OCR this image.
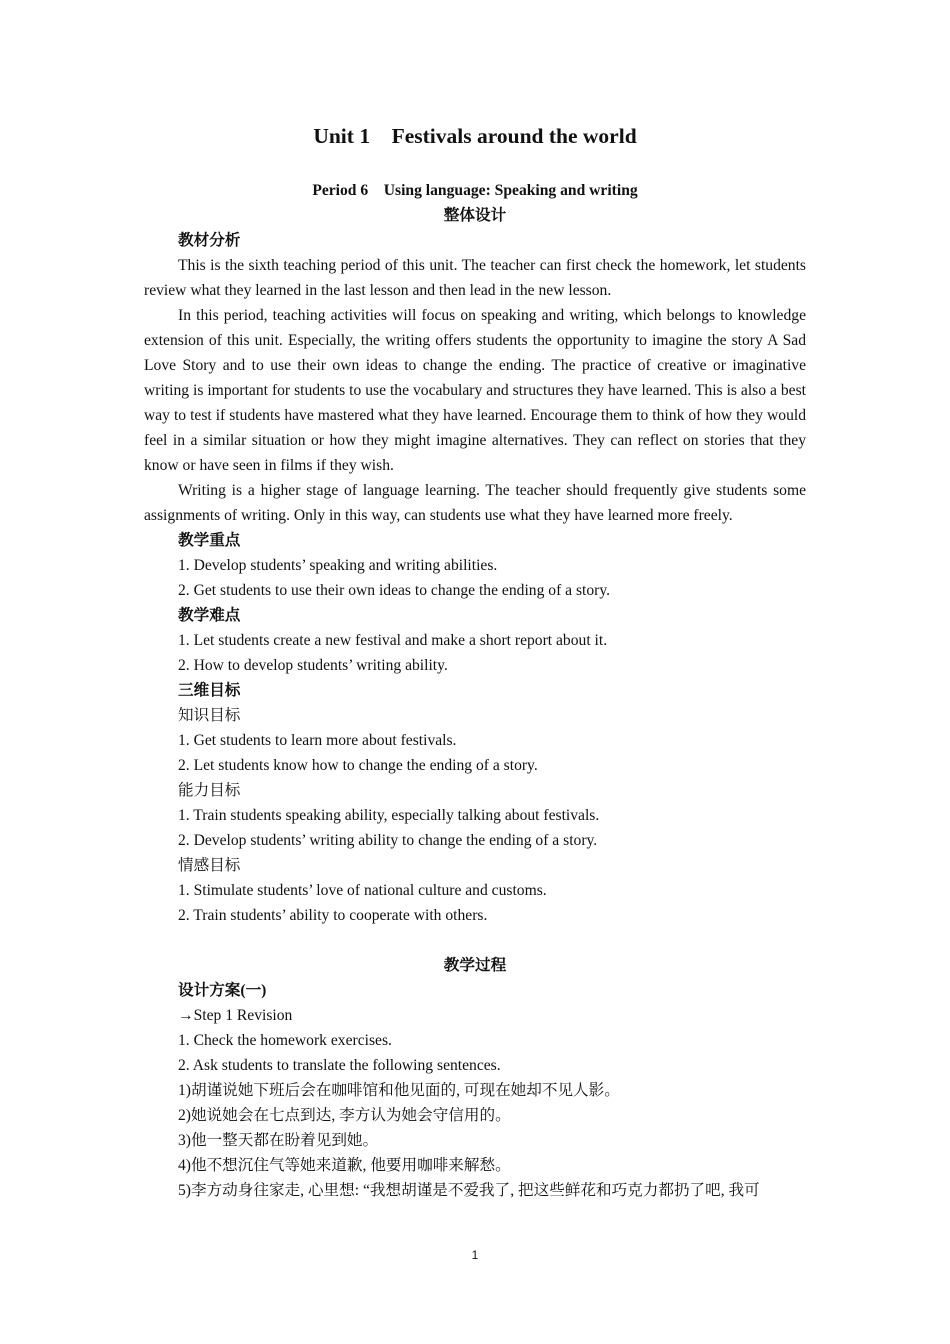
Unit 1 Festivals around the world
Period 6 Using language: Speaking and writing
整体设计
教材分析

This is the sixth teaching period of this unit. The teacher can first check the homework, let students review what they learned in the last lesson and then lead in the new lesson.

In this period, teaching activities will focus on speaking and writing, which belongs to knowledge extension of this unit. Especially, the writing offers students the opportunity to imagine the story A Sad Love Story and to use their own ideas to change the ending. The practice of creative or imaginative writing is important for students to use the vocabulary and structures they have learned. This is also a best way to test if students have mastered what they have learned. Encourage them to think of how they would feel in a similar situation or how they might imagine alternatives. They can reflect on stories that they know or have seen in films if they wish.

Writing is a higher stage of language learning. The teacher should frequently give students some assignments of writing. Only in this way, can students use what they have learned more freely.

教学重点
1. Develop students’ speaking and writing abilities.
2. Get students to use their own ideas to change the ending of a story.
教学难点
1. Let students create a new festival and make a short report about it.
2. How to develop students’ writing ability.
三维目标
知识目标
1. Get students to learn more about festivals.
2. Let students know how to change the ending of a story.
能力目标
1. Train students speaking ability, especially talking about festivals.
2. Develop students’ writing ability to change the ending of a story.
情感目标
1. Stimulate students’ love of national culture and customs.
2. Train students’ ability to cooperate with others.
教学过程
设计方案(一)
→Step 1 Revision
1. Check the homework exercises.
2. Ask students to translate the following sentences.
1)胡谨说她下班后会在咖啡馆和他见面的, 可现在她却不见人影。
2)她说她会在七点到达, 李方认为她会守信用的。
3)他一整天都在盼着见到她。
4)他不想沉住气等她来道歉, 他要用咖啡来解愁。
5)李方动身往家走, 心里想: “我想胡谨是不爱我了, 把这些鲜花和巧克力都扔了吧, 我可
1
